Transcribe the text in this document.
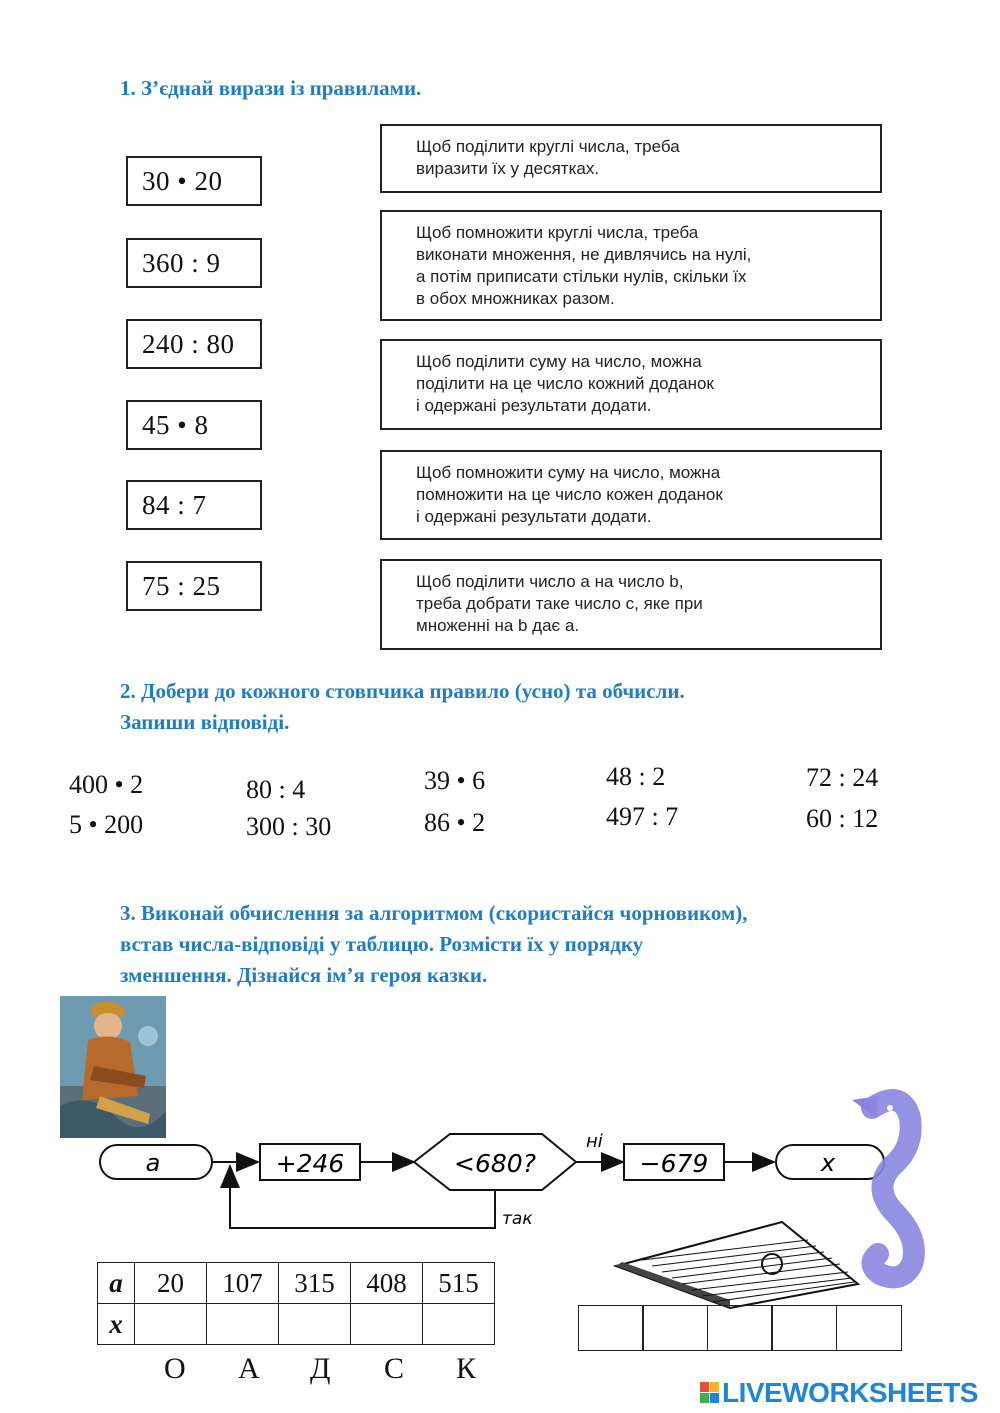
1. З’єднай вирази із правилами.
30 • 20
360 : 9
240 : 80
45 • 8
84 : 7
75 : 25
Щоб поділити круглі числа, треба
виразити їх у десятках.
Щоб помножити круглі числа, треба
виконати множення, не дивлячись на нулі,
а потім приписати стільки нулів, скільки їх
в обох множниках разом.
Щоб поділити суму на число, можна
поділити на це число кожний доданок
і одержані результати додати.
Щоб помножити суму на число, можна
помножити на це число кожен доданок
і одержані результати додати.
Щоб поділити число а на число b,
треба добрати таке число с, яке при
множенні на b дає а.
2. Добери до кожного стовпчика правило (усно) та обчисли.
Запиши відповіді.
400 • 2
5 • 200
80 : 4
300 : 30
39 • 6
86 • 2
48 : 2
497 : 7
72 : 24
60 : 12
3. Виконай обчислення за алгоритмом (скористайся чорновиком),
встав числа-відповіді у таблицю. Розмісти їх у порядку
зменшення. Дізнайся ім’я героя казки.
a	+246	<680?
ні
так
−679	x
a	20	107	315	408	515
x					
О А Д С К
LIVEWORKSHEETS
